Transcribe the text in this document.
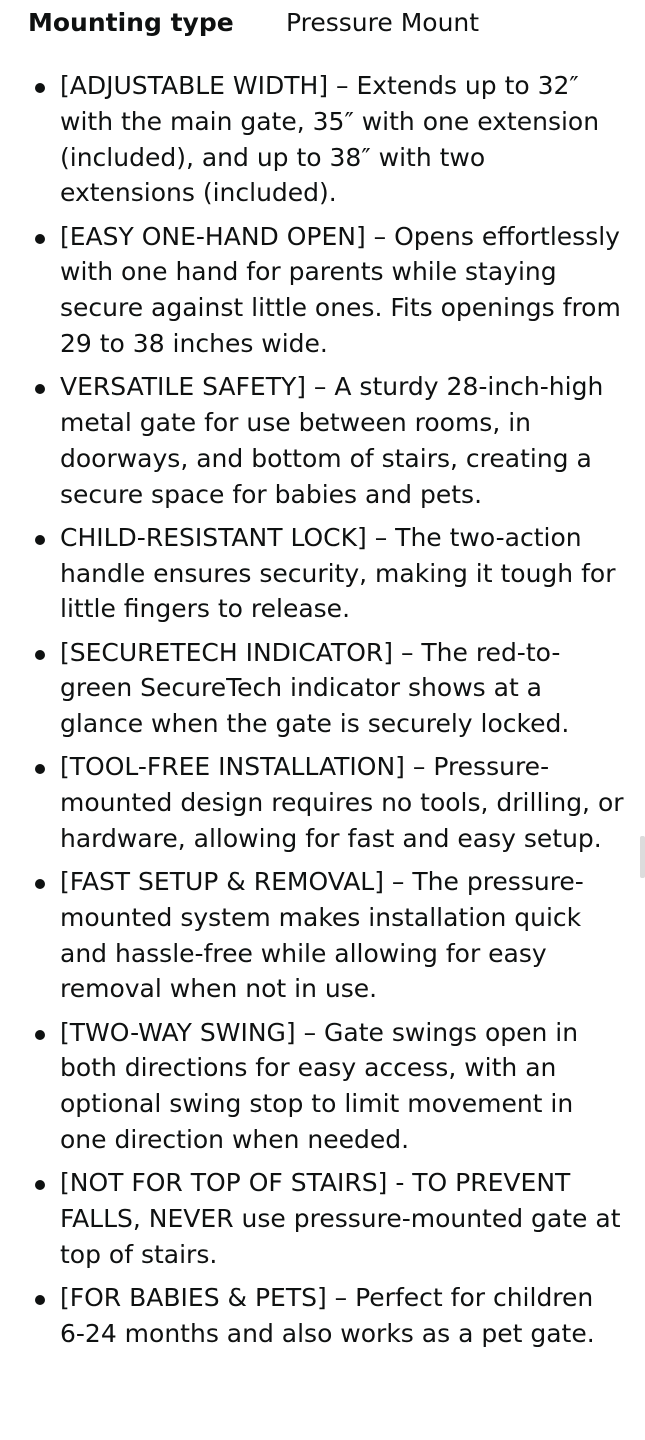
Mounting type	Pressure Mount
[ADJUSTABLE WIDTH] – Extends up to 32″ with the main gate, 35″ with one extension (included), and up to 38″ with two extensions (included).
[EASY ONE-HAND OPEN] – Opens effortlessly with one hand for parents while staying secure against little ones. Fits openings from 29 to 38 inches wide.
VERSATILE SAFETY] – A sturdy 28-inch-high metal gate for use between rooms, in doorways, and bottom of stairs, creating a secure space for babies and pets.
CHILD-RESISTANT LOCK] – The two-action handle ensures security, making it tough for little fingers to release.
[SECURETECH INDICATOR] – The red-to-green SecureTech indicator shows at a glance when the gate is securely locked.
[TOOL-FREE INSTALLATION] – Pressure-mounted design requires no tools, drilling, or hardware, allowing for fast and easy setup.
[FAST SETUP & REMOVAL] – The pressure-mounted system makes installation quick and hassle-free while allowing for easy removal when not in use.
[TWO-WAY SWING] – Gate swings open in both directions for easy access, with an optional swing stop to limit movement in one direction when needed.
[NOT FOR TOP OF STAIRS] - TO PREVENT FALLS, NEVER use pressure-mounted gate at top of stairs.
[FOR BABIES & PETS] – Perfect for children 6-24 months and also works as a pet gate.
